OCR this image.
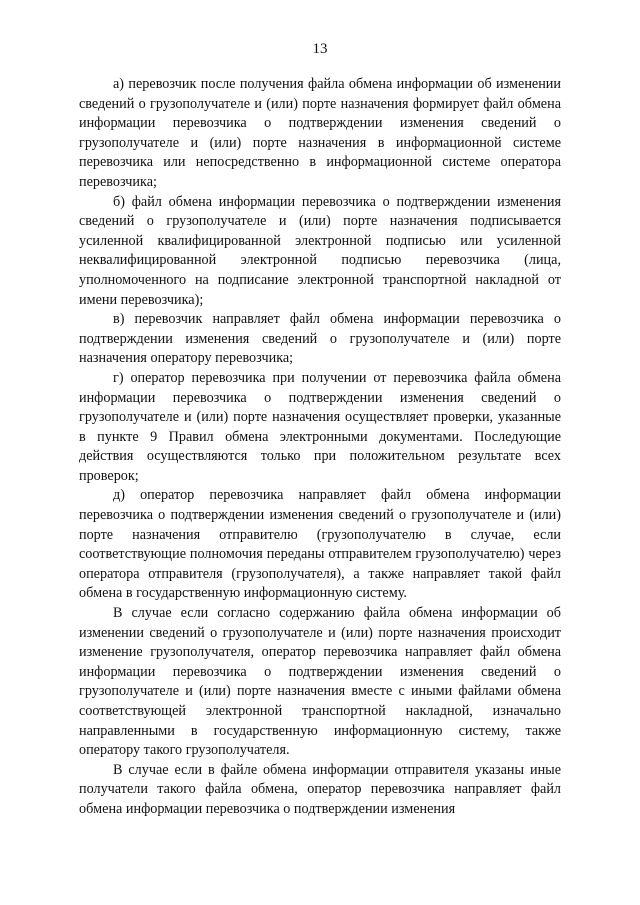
13

а) перевозчик после получения файла обмена информации об изменении сведений о грузополучателе и (или) порте назначения формирует файл обмена информации перевозчика о подтверждении изменения сведений о грузополучателе и (или) порте назначения в информационной системе перевозчика или непосредственно в информационной системе оператора перевозчика;

б) файл обмена информации перевозчика о подтверждении изменения сведений о грузополучателе и (или) порте назначения подписывается усиленной квалифицированной электронной подписью или усиленной неквалифицированной электронной подписью перевозчика (лица, уполномоченного на подписание электронной транспортной накладной от имени перевозчика);

в) перевозчик направляет файл обмена информации перевозчика о подтверждении изменения сведений о грузополучателе и (или) порте назначения оператору перевозчика;

г) оператор перевозчика при получении от перевозчика файла обмена информации перевозчика о подтверждении изменения сведений о грузополучателе и (или) порте назначения осуществляет проверки, указанные в пункте 9 Правил обмена электронными документами. Последующие действия осуществляются только при положительном результате всех проверок;

д) оператор перевозчика направляет файл обмена информации перевозчика о подтверждении изменения сведений о грузополучателе и (или) порте назначения отправителю (грузополучателю в случае, если соответствующие полномочия переданы отправителем грузополучателю) через оператора отправителя (грузополучателя), а также направляет такой файл обмена в государственную информационную систему.

В случае если согласно содержанию файла обмена информации об изменении сведений о грузополучателе и (или) порте назначения происходит изменение грузополучателя, оператор перевозчика направляет файл обмена информации перевозчика о подтверждении изменения сведений о грузополучателе и (или) порте назначения вместе с иными файлами обмена соответствующей электронной транспортной накладной, изначально направленными в государственную информационную систему, также оператору такого грузополучателя.

В случае если в файле обмена информации отправителя указаны иные получатели такого файла обмена, оператор перевозчика направляет файл обмена информации перевозчика о подтверждении изменения
